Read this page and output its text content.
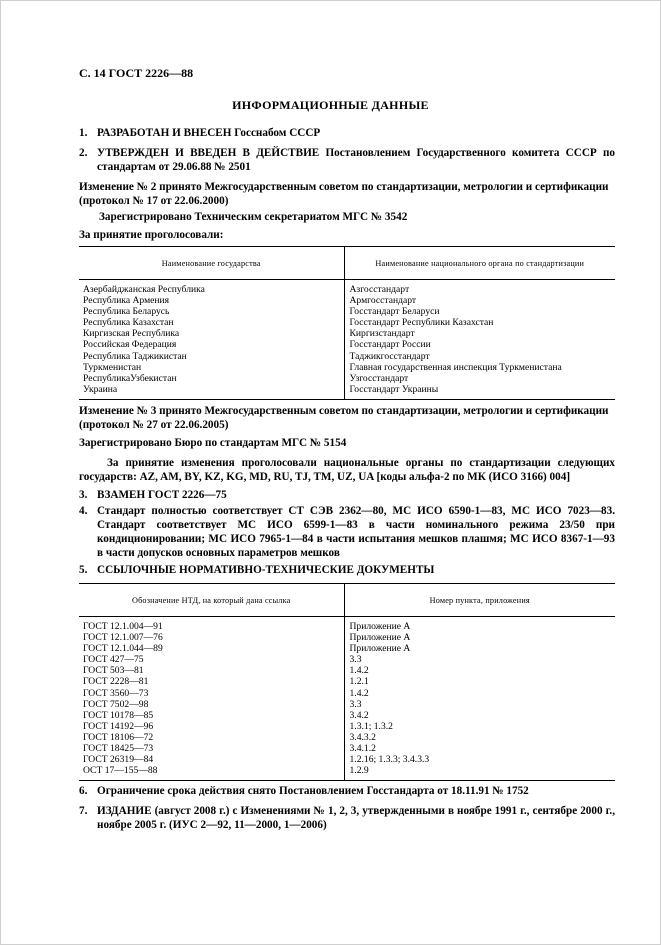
С. 14 ГОСТ 2226—88
ИНФОРМАЦИОННЫЕ ДАННЫЕ
1. РАЗРАБОТАН И ВНЕСЕН Госснабом СССР
2. УТВЕРЖДЕН И ВВЕДЕН В ДЕЙСТВИЕ Постановлением Государственного комитета СССР по стандартам от 29.06.88 № 2501
Изменение № 2 принято Межгосударственным советом по стандартизации, метрологии и сертификации (протокол № 17 от 22.06.2000)
Зарегистрировано Техническим секретариатом МГС № 3542
За принятие проголосовали:
Наименование государства	Наименование национального органа по стандартизации
Азербайджанская Республика	Азгосстандарт
Республика Армения	Армгосстандарт
Республика Беларусь	Госстандарт Беларуси
Республика Казахстан	Госстандарт Республики Казахстан
Киргизская Республика	Киргизстандарт
Российская Федерация	Госстандарт России
Республика Таджикистан	Таджикгосстандарт
Туркменистан	Главная государственная инспекция Туркменистана
РеспубликаУзбекистан	Узгосстандарт
Украина	Госстандарт Украины
Изменение № 3 принято Межгосударственным советом по стандартизации, метрологии и сертификации (протокол № 27 от 22.06.2005)
Зарегистрировано Бюро по стандартам МГС № 5154
За принятие изменения проголосовали национальные органы по стандартизации следующих государств: AZ, AM, BY, KZ, KG, MD, RU, TJ, TM, UZ, UA [коды альфа-2 по МК (ИСО 3166) 004]
3. ВЗАМЕН ГОСТ 2226—75
4. Стандарт полностью соответствует СТ СЭВ 2362—80, МС ИСО 6590-1—83, МС ИСО 7023—83. Стандарт соответствует МС ИСО 6599-1—83 в части номинального режима 23/50 при кондиционировании; МС ИСО 7965-1—84 в части испытания мешков плашмя; МС ИСО 8367-1—93 в части допусков основных параметров мешков
5. ССЫЛОЧНЫЕ НОРМАТИВНО-ТЕХНИЧЕСКИЕ ДОКУМЕНТЫ
Обозначение НТД, на который дана ссылка	Номер пункта, приложения
ГОСТ 12.1.004—91	Приложение А
ГОСТ 12.1.007—76	Приложение А
ГОСТ 12.1.044—89	Приложение А
ГОСТ 427—75	3.3
ГОСТ 503—81	1.4.2
ГОСТ 2228—81	1.2.1
ГОСТ 3560—73	1.4.2
ГОСТ 7502—98	3.3
ГОСТ 10178—85	3.4.2
ГОСТ 14192—96	1.3.1; 1.3.2
ГОСТ 18106—72	3.4.3.2
ГОСТ 18425—73	3.4.1.2
ГОСТ 26319—84	1.2.16; 1.3.3; 3.4.3.3
ОСТ 17—155—88	1.2.9
6. Ограничение срока действия снято Постановлением Госстандарта от 18.11.91 № 1752
7. ИЗДАНИЕ (август 2008 г.) с Изменениями № 1, 2, 3, утвержденными в ноябре 1991 г., сентябре 2000 г., ноябре 2005 г. (ИУС 2—92, 11—2000, 1—2006)
